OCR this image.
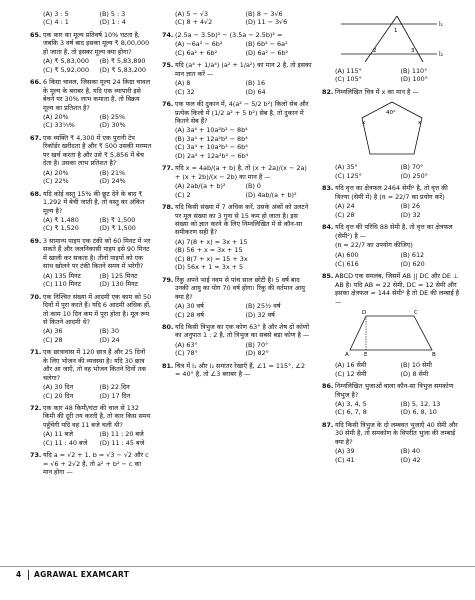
(A) 3 : 5	(B) 5 : 3
(C) 4 : 1	(D) 1 : 4
65. एक कार का मूल्य प्रतिवर्ष 10% घटता है, जबकि 3 वर्ष बाद इसका मूल्य ₹ 8,00,000 हो जाता है, तो इसका मूल्य क्या होगा?
(A) ₹ 5,83,000	(B) ₹ 5,83,890
(C) ₹ 5,92,000	(D) ₹ 5,83,200
66. 6 किग्रा चावल, जिसका मूल्य 24 किग्रा चावल के मूल्य के बराबर है, यदि एक व्यापारी इसे बेचने पर 30% लाभ कमाता है, तो विक्रय मूल्य का प्रतिशत है?
(A) 20%	(B) 25%
(C) 33⅓%	(D) 30%
67. एक व्यक्ति ₹ 4,300 में एक पुरानी टेप रिकॉर्डर खरीदता है और ₹ 500 उसकी मरम्मत पर खर्च करता है और उसे ₹ 5,856 में बेच देता है। उसका लाभ प्रतिशत है?
(A) 20%	(B) 21%
(C) 22%	(D) 24%
68. यदि कोई वस्तु 15% की छूट देने के बाद ₹ 1,292 में बेची जाती है, तो वस्तु का अंकित मूल्य है?
(A) ₹ 1,480	(B) ₹ 1,500
(C) ₹ 1,520	(D) ₹ 1,500
69. 3 सामान्य पाइप एक टंकी को 60 मिनट में भर सकते हैं और जलनिकासी पाइप इसे 90 मिनट में खाली कर सकता है। तीनों पाइपों को एक साथ खोलने पर टंकी कितने समय में भरेगी?
(A) 135 मिनट	(B) 125 मिनट
(C) 110 मिनट	(D) 130 मिनट
70. एक निश्चित संख्या में आदमी एक काम को 50 दिनों में पूरा करते हैं। यदि 6 आदमी अधिक हों, तो काम 10 दिन कम में पूरा होता है। मूल रूप से कितने आदमी थे?
(A) 36	(B) 30
(C) 28	(D) 24
71. एक छात्रावास में 120 छात्र हैं और 25 दिनों के लिए भोजन की व्यवस्था है। यदि 30 छात्र और आ जाएँ, तो वह भोजन कितने दिनों तक चलेगा?
(A) 30 दिन	(B) 22 दिन
(C) 20 दिन	(D) 17 दिन
72. एक कार 48 किमी/घंटा की चाल से 132 किमी की दूरी तय करती है, तो कार किस समय पहुँचेगी यदि वह 11 बजे चली थी?
(A) 11 बजे	(B) 11 : 20 बजे
(C) 11 : 40 बजे	(D) 11 : 45 बजे
73. यदि a = √2 + 1, b = √3 − √2 और c = √6 + 2√2 है, तो a² + b² − c का मान होगा —
(A) 5 − √3	(B) 8 − 3√6
(C) 8 + 4√2	(D) 11 − 3√6
74. (2.5a − 3.5b)² − (3.5a − 2.5b)² =
(A) −6a² − 6b²	(B) 6b² − 6a²
(C) 6a² + 6b²	(D) 6a² − 6b²
75. यदि (a⁴ + 1/a⁴) (a² + 1/a²) का मान 2 है, तो इसका मान ज्ञात करें —
(A) 8	(B) 16
(C) 32	(D) 64
76. एक फल की दुकान में, 4(a² − 5/2 b²) किलो सेब और प्रत्येक किलो में (1/2 a² + 5 b²) सेब है, तो दुकान में कितने सेब हैं?
(A) 3a⁴ + 10a²b² − 8b⁴
(B) 3a⁴ + 12a²b² − 8b⁴
(C) 3a⁴ + 10a²b² − 6b⁴
(D) 2a⁴ + 12a²b² − 6b⁴
77. यदि x = 4ab/(a + b) है, तो (x + 2a)/(x − 2a) + (x + 2b)/(x − 2b) का मान है —
(A) 2ab/(a + b)²	(B) 0
(C) 2	(D) 4ab/(a + b)²
78. यदि किसी संख्या में 7 अधिक करें, उसके अंकों को उलटने पर मूल संख्या का 3 गुना से 15 कम हो जाता है। इस संख्या को ज्ञात करने के लिए निम्नलिखित में से कौन-सा समीकरण सही है?
(A) 7(8 + x) = 3x + 15
(B) 56 + x = 3x + 15
(C) 8(7 + x) = 15 + 3x
(D) 56x + 1 = 3x + 5
79. रिंकु अपने भाई नवम से पांच साल छोटी है। 5 वर्ष बाद उनकी आयु का योग 70 वर्ष होगा। रिंकु की वर्तमान आयु क्या है?
(A) 30 वर्ष	(B) 25½ वर्ष
(C) 28 वर्ष	(D) 32 वर्ष
80. यदि किसी त्रिभुज का एक कोण 63° है और शेष दो कोणों का अनुपात 1 : 2 है, तो त्रिभुज का सबसे बड़ा कोण है —
(A) 63°	(B) 70°
(C) 78°	(D) 82°
81. चित्र में l₁ और l₂ समांतर रेखाएँ हैं, ∠1 = 115°, ∠2 = 40° है, तो ∠3 बराबर है —
l₁
l₂
1
2	3
(A) 115°	(B) 110°
(C) 105°	(D) 100°
82. निम्नलिखित चित्र में x का मान है —
40°
x
x
(A) 35°	(B) 70°
(C) 125°	(D) 250°
83. यदि वृत्त का क्षेत्रफल 2464 सेमी² है, तो वृत्त की त्रिज्या (सेमी में) है (π = 22/7 का प्रयोग करें)
(A) 24	(B) 26
(C) 28	(D) 32
84. यदि वृत्त की परिधि 88 सेमी है, तो वृत्त का क्षेत्रफल (सेमी²) है —
(π = 22/7 का उपयोग कीजिए)
(A) 600	(B) 612
(C) 616	(D) 620
85. ABCD एक समलंब, जिसमें AB || DC और DE ⊥ AB है। यदि AB = 22 सेमी, DC = 12 सेमी और इसका क्षेत्रफल = 144 सेमी² है तो DE की लम्बाई है —
D	C
A	B
E
(A) 16 सेमी	(B) 10 सेमी
(C) 12 सेमी	(D) 8 सेमी
86. निम्नलिखित भुजाओं वाला कौन-सा त्रिभुज समकोण त्रिभुज है?
(A) 3, 4, 5	(B) 5, 12, 13
(C) 6, 7, 8	(D) 6, 8, 10
87. यदि किसी त्रिभुज के दो लम्बवत भुजाएँ 40 सेमी और 30 सेमी है, तो समकोण के विपरीत भुजा की लम्बाई क्या है?
(A) 39	(B) 40
(C) 41	(D) 42
4 AGRAWAL EXAMCART
